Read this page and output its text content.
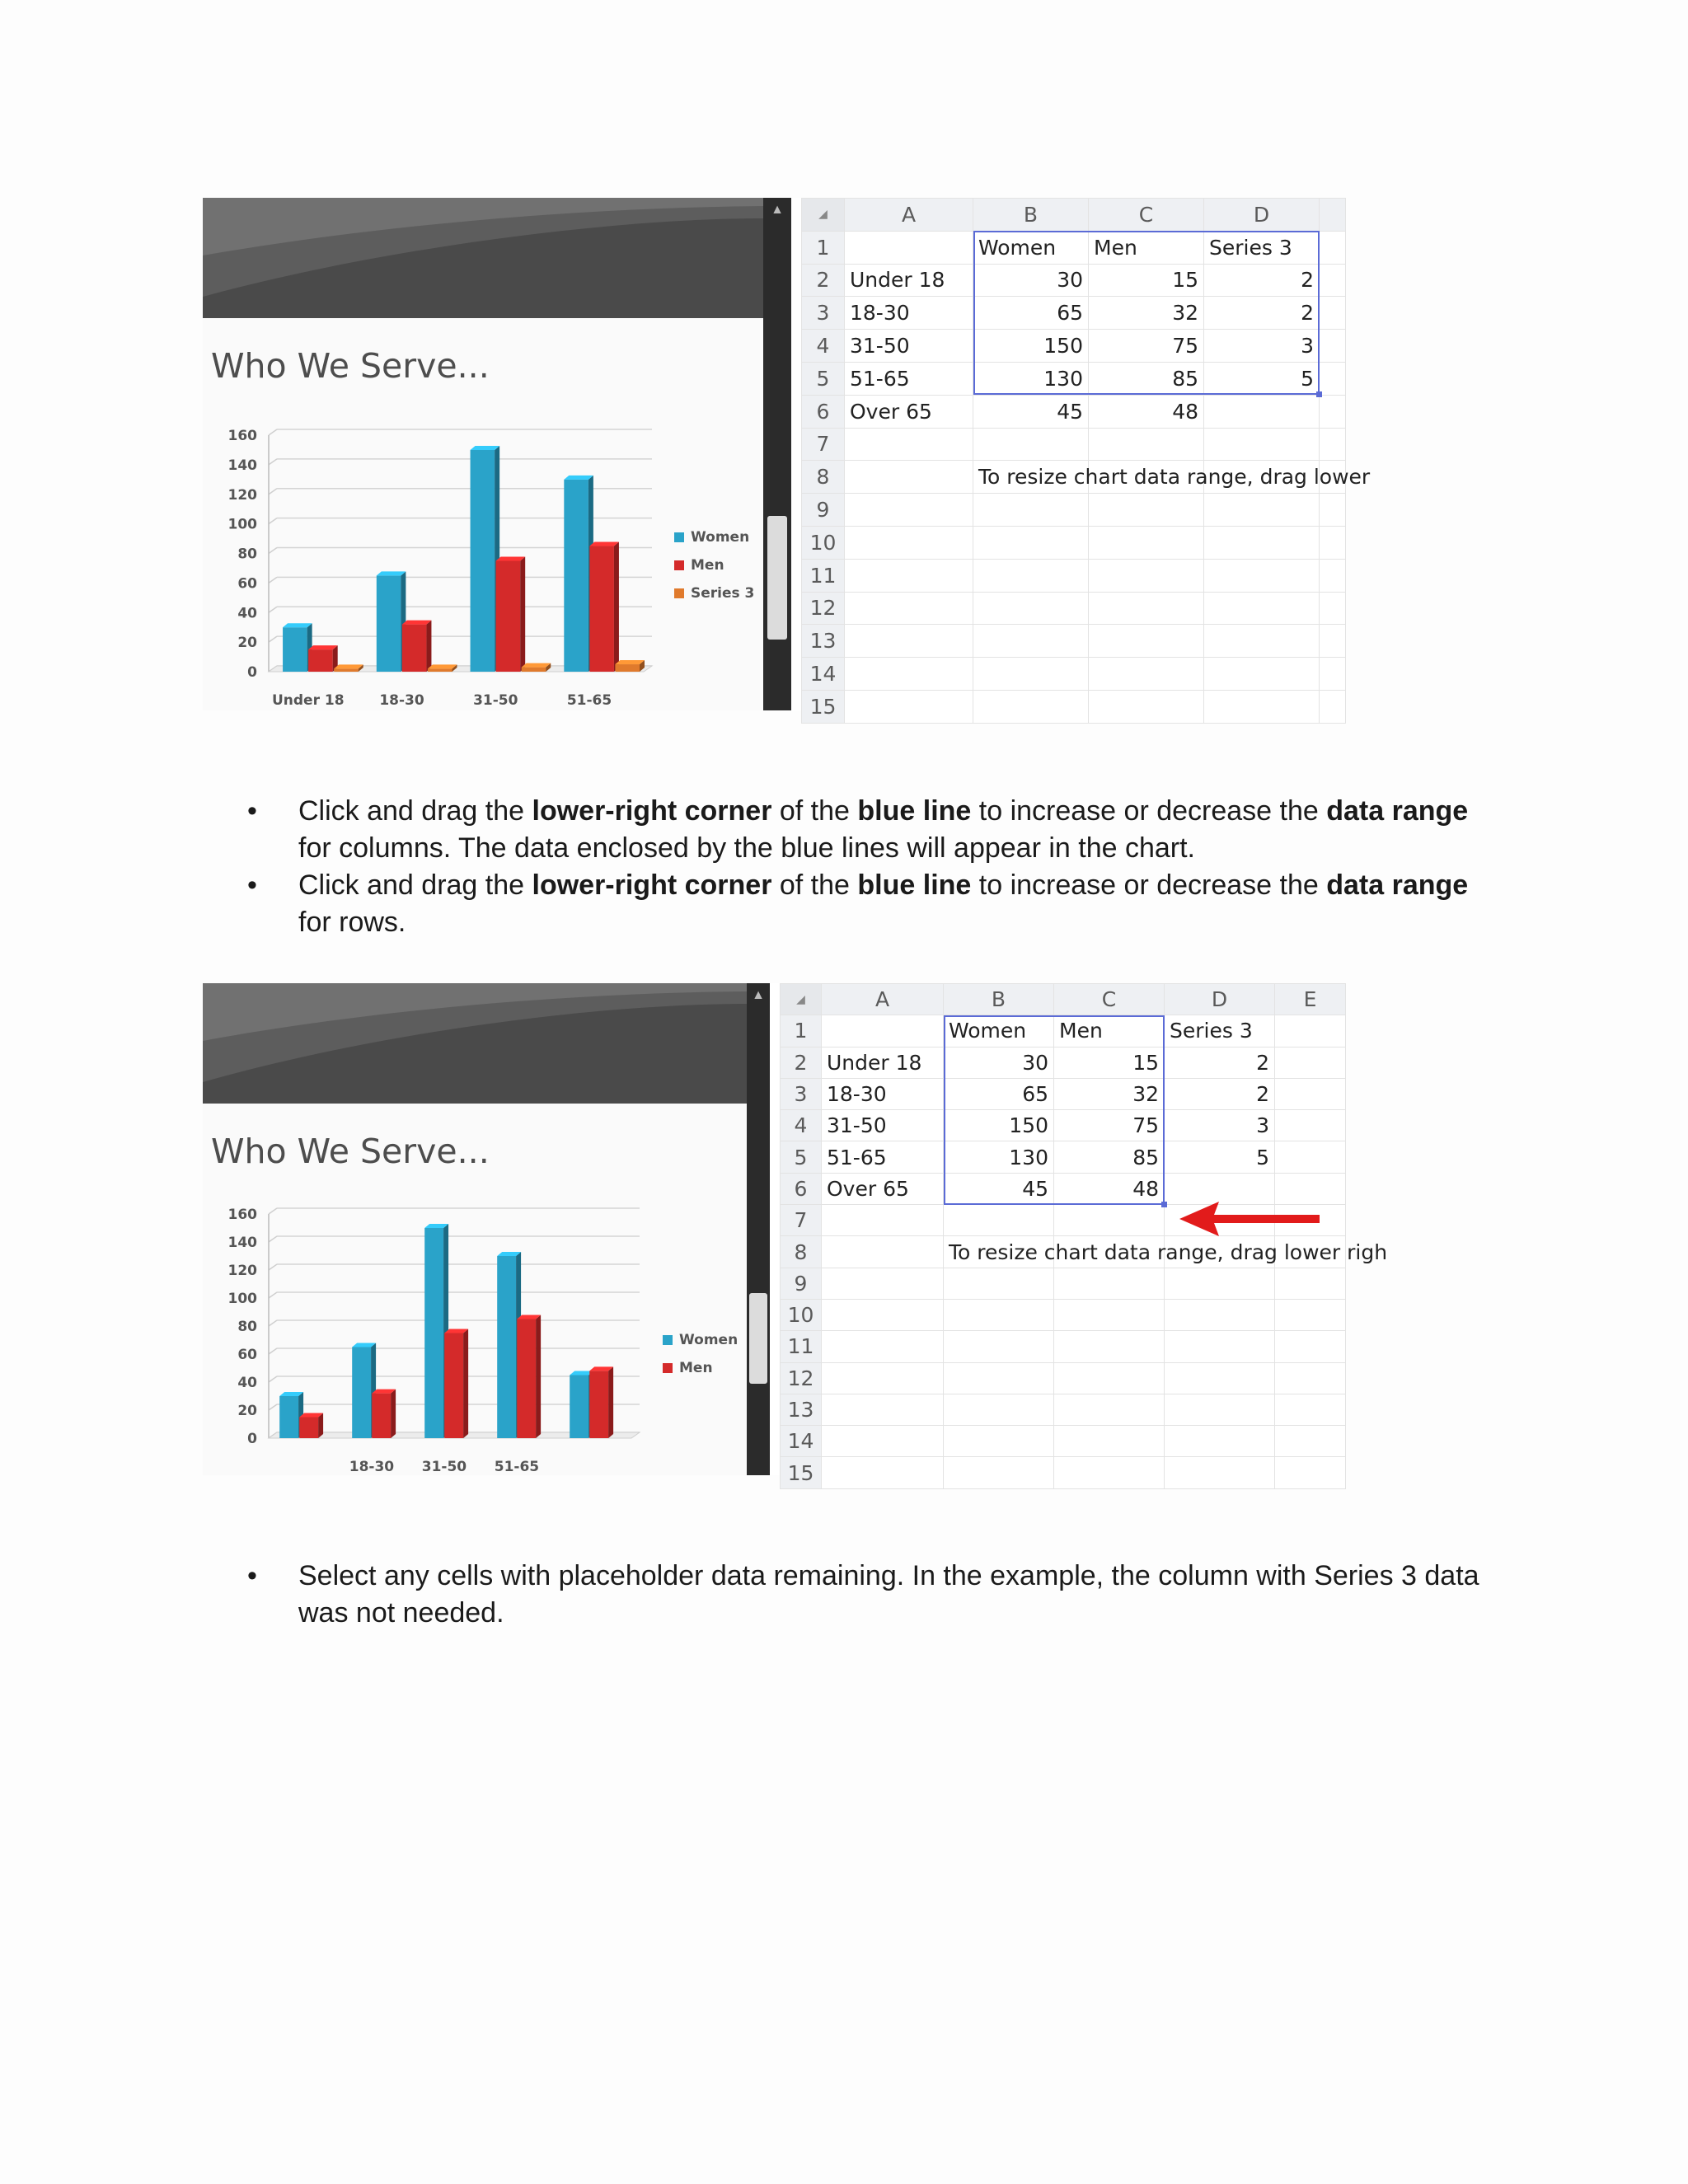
Who We Serve...
0
20
40
60
80
100
120
140
160
Under 18	18-30	31-50	51-65
Women
Men
Series 3
▲	◢	A	B	C	D	
1		Women	Men	Series 3	
2	Under 18	30	15	2	
3	18-30	65	32	2	
4	31-50	150	75	3	
5	51-65	130	85	5	
6	Over 65	45	48		
7					
8		To resize chart data range, drag lower			
9					
10					
11					
12					
13					
14					
15					
• Click and drag the lower-right corner of the blue line to increase or decrease the data range for columns. The data enclosed by the blue lines will appear in the chart.
• Click and drag the lower-right corner of the blue line to increase or decrease the data range for rows.
Who We Serve...
0
20
40
60
80
100
120
140
160
18-30 31-50 51-65
Women
Men
▲	◢	A	B	C	D	E
1		Women	Men	Series 3	
2	Under 18	30	15	2	
3	18-30	65	32	2	
4	31-50	150	75	3	
5	51-65	130	85	5	
6	Over 65	45	48		
7					
8		To resize chart data range, drag lower righ			
9					
10					
11					
12					
13					
14					
15					
• Select any cells with placeholder data remaining. In the example, the column with Series 3 data was not needed.
